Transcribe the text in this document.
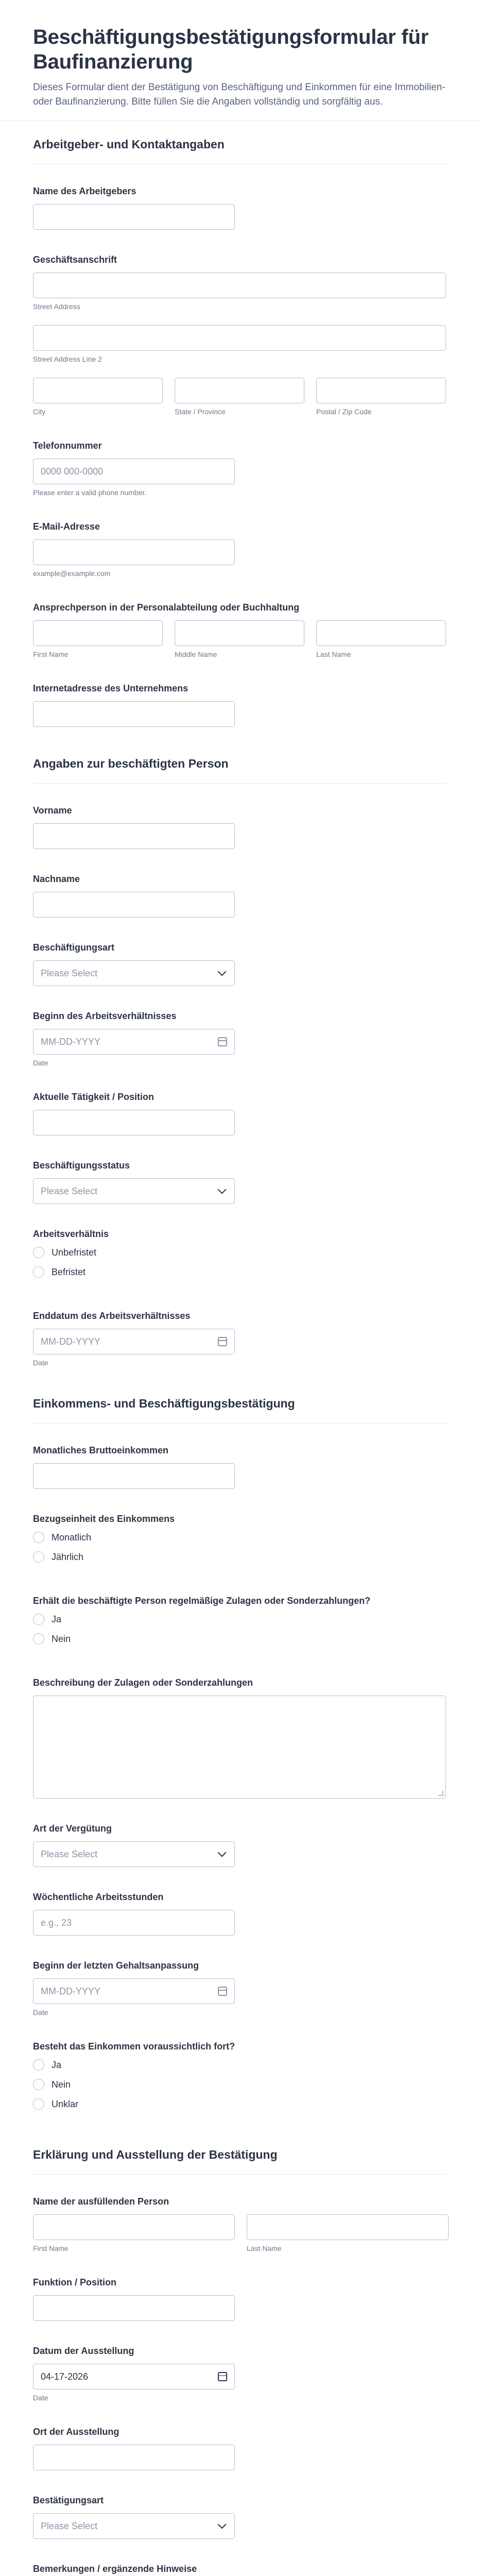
Beschäftigungsbestätigungsformular für Baufinanzierung

Dieses Formular dient der Bestätigung von Beschäftigung und Einkommen für eine Immobilien- oder Baufinanzierung. Bitte füllen Sie die Angaben vollständig und sorgfältig aus.

Arbeitgeber- und Kontaktangaben
Name des Arbeitgebers
Geschäftsanschrift
Street Address
Street Address Line 2
City	State / Province	Postal / Zip Code
Telefonnummer
0000 000-0000
Please enter a valid phone number.
E-Mail-Adresse
example@example.com
Ansprechperson in der Personalabteilung oder Buchhaltung
First Name	Middle Name	Last Name
Internetadresse des Unternehmens
Angaben zur beschäftigten Person
Vorname
Nachname
Beschäftigungsart
Please Select
Beginn des Arbeitsverhältnisses
MM-DD-YYYY
Date
Aktuelle Tätigkeit / Position
Beschäftigungsstatus
Please Select
Arbeitsverhältnis
Unbefristet
Befristet
Enddatum des Arbeitsverhältnisses
MM-DD-YYYY
Date
Einkommens- und Beschäftigungsbestätigung
Monatliches Bruttoeinkommen
Bezugseinheit des Einkommens
Monatlich
Jährlich
Erhält die beschäftigte Person regelmäßige Zulagen oder Sonderzahlungen?
Ja
Nein
Beschreibung der Zulagen oder Sonderzahlungen
Art der Vergütung
Please Select
Wöchentliche Arbeitsstunden
e.g., 23
Beginn der letzten Gehaltsanpassung
MM-DD-YYYY
Date
Besteht das Einkommen voraussichtlich fort?
Ja
Nein
Unklar
Erklärung und Ausstellung der Bestätigung
Name der ausfüllenden Person
First Name	Last Name
Funktion / Position
Datum der Ausstellung
04-17-2026
Date
Ort der Ausstellung
Bestätigungsart
Please Select
Bemerkungen / ergänzende Hinweise
